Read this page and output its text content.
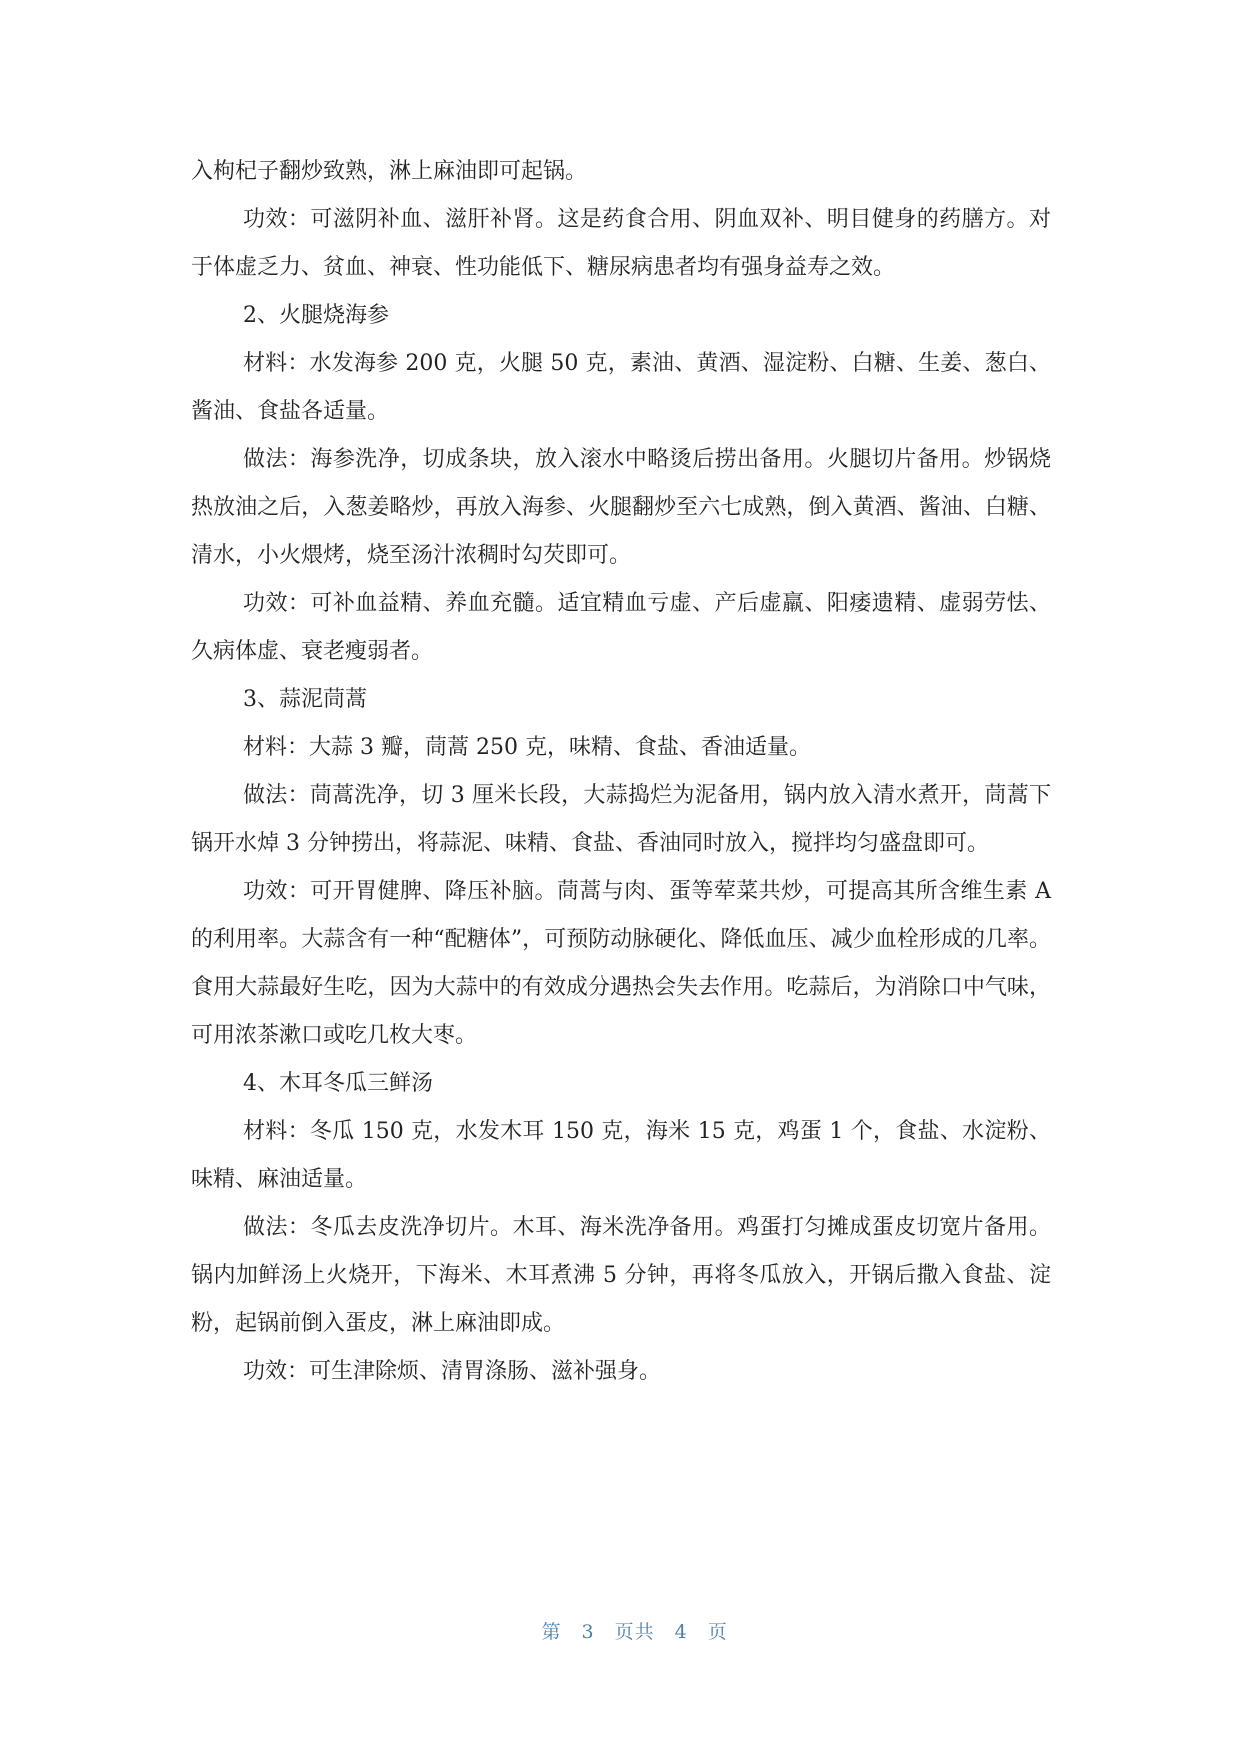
入枸杞子翻炒致熟，淋上麻油即可起锅。

功效：可滋阴补血、滋肝补肾。这是药食合用、阴血双补、明目健身的药膳方。对于体虚乏力、贫血、神衰、性功能低下、糖尿病患者均有强身益寿之效。

2、火腿烧海参

材料：水发海参 200 克，火腿 50 克，素油、黄酒、湿淀粉、白糖、生姜、葱白、酱油、食盐各适量。

做法：海参洗净，切成条块，放入滚水中略烫后捞出备用。火腿切片备用。炒锅烧热放油之后，入葱姜略炒，再放入海参、火腿翻炒至六七成熟，倒入黄酒、酱油、白糖、清水，小火煨烤，烧至汤汁浓稠时勾芡即可。

功效：可补血益精、养血充髓。适宜精血亏虚、产后虚羸、阳痿遗精、虚弱劳怯、久病体虚、衰老瘦弱者。

3、蒜泥茼蒿

材料：大蒜 3 瓣，茼蒿 250 克，味精、食盐、香油适量。

做法：茼蒿洗净，切 3 厘米长段，大蒜捣烂为泥备用，锅内放入清水煮开，茼蒿下锅开水焯 3 分钟捞出，将蒜泥、味精、食盐、香油同时放入，搅拌均匀盛盘即可。

功效：可开胃健脾、降压补脑。茼蒿与肉、蛋等荤菜共炒，可提高其所含维生素 A 的利用率。大蒜含有一种“配糖体”，可预防动脉硬化、降低血压、减少血栓形成的几率。食用大蒜最好生吃，因为大蒜中的有效成分遇热会失去作用。吃蒜后，为消除口中气味，可用浓茶漱口或吃几枚大枣。

4、木耳冬瓜三鲜汤

材料：冬瓜 150 克，水发木耳 150 克，海米 15 克，鸡蛋 1 个，食盐、水淀粉、味精、麻油适量。

做法：冬瓜去皮洗净切片。木耳、海米洗净备用。鸡蛋打匀摊成蛋皮切宽片备用。锅内加鲜汤上火烧开，下海米、木耳煮沸 5 分钟，再将冬瓜放入，开锅后撒入食盐、淀粉，起锅前倒入蛋皮，淋上麻油即成。

功效：可生津除烦、清胃涤肠、滋补强身。

第 3 页共 4 页
